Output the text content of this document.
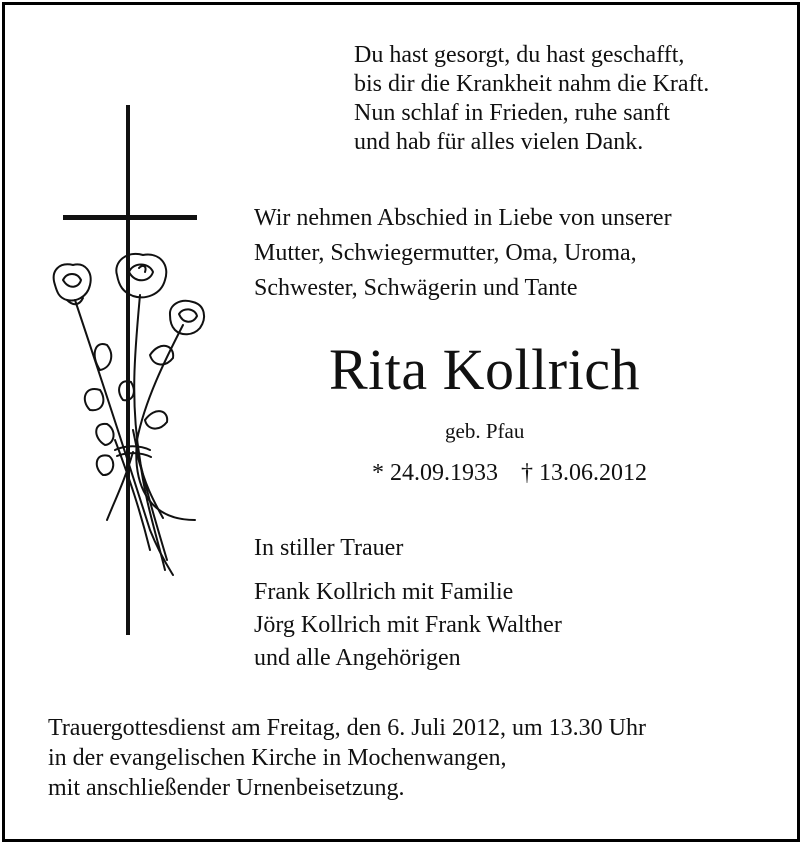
Du hast gesorgt, du hast geschafft,
bis dir die Krankheit nahm die Kraft.
Nun schlaf in Frieden, ruhe sanft
und hab für alles vielen Dank.
Wir nehmen Abschied in Liebe von unserer
Mutter, Schwiegermutter, Oma, Uroma,
Schwester, Schwägerin und Tante
Rita Kollrich
geb. Pfau
* 24.09.1933 † 13.06.2012
In stiller Trauer
Frank Kollrich mit Familie
Jörg Kollrich mit Frank Walther
und alle Angehörigen
Trauergottesdienst am Freitag, den 6. Juli 2012, um 13.30 Uhr
in der evangelischen Kirche in Mochenwangen,
mit anschließender Urnenbeisetzung.
